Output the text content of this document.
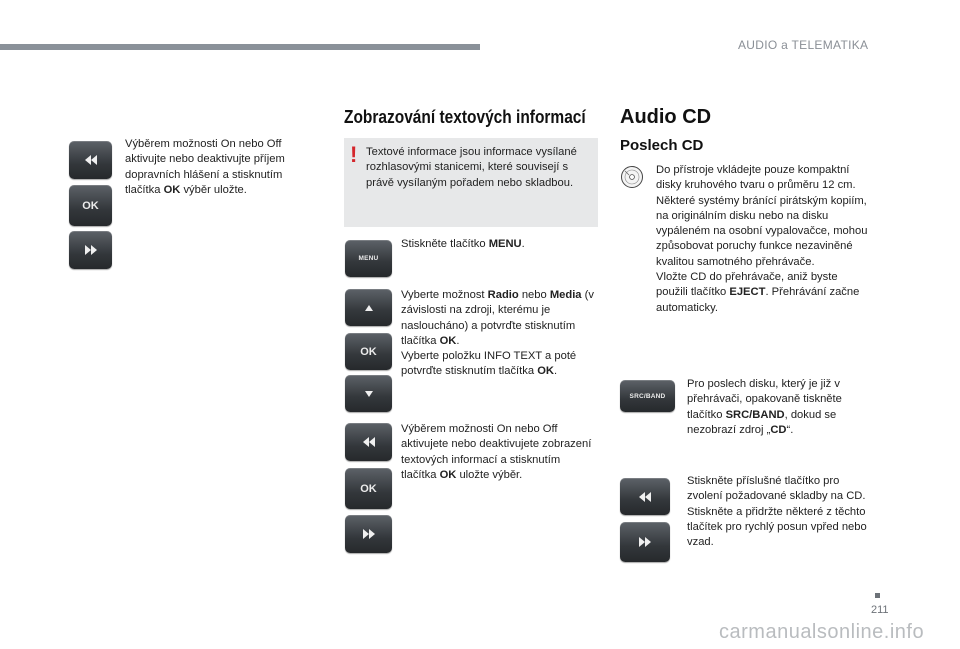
AUDIO a TELEMATIKA
OK
Výběrem možnosti On nebo Off aktivujte nebo deaktivujte příjem dopravních hlášení a stisknutím tlačítka OK výběr uložte.
Zobrazování textových informací
! Textové informace jsou informace vysílané rozhlasovými stanicemi, které souvisejí s právě vysílaným pořadem nebo skladbou.
MENU
Stiskněte tlačítko MENU.
OK
Vyberte možnost Radio nebo Media (v závislosti na zdroji, kterému je nasloucháno) a potvrďte stisknutím tlačítka OK.
Vyberte položku INFO TEXT a poté potvrďte stisknutím tlačítka OK.
OK
Výběrem možnosti On nebo Off aktivujete nebo deaktivujete zobrazení textových informací a stisknutím tlačítka OK uložte výběr.
Audio CD
Poslech CD
Do přístroje vkládejte pouze kompaktní disky kruhového tvaru o průměru 12 cm.
Některé systémy bránící pirátským kopiím, na originálním disku nebo na disku vypáleném na osobní vypalovačce, mohou způsobovat poruchy funkce nezaviněné kvalitou samotného přehrávače.
Vložte CD do přehrávače, aniž byste použili tlačítko EJECT. Přehrávání začne automaticky.
SRC/BAND
Pro poslech disku, který je již v přehrávači, opakovaně tiskněte tlačítko SRC/BAND, dokud se nezobrazí zdroj „CD“.
Stiskněte příslušné tlačítko pro zvolení požadované skladby na CD.
Stiskněte a přidržte některé z těchto tlačítek pro rychlý posun vpřed nebo vzad.
211
carmanualsonline.info
